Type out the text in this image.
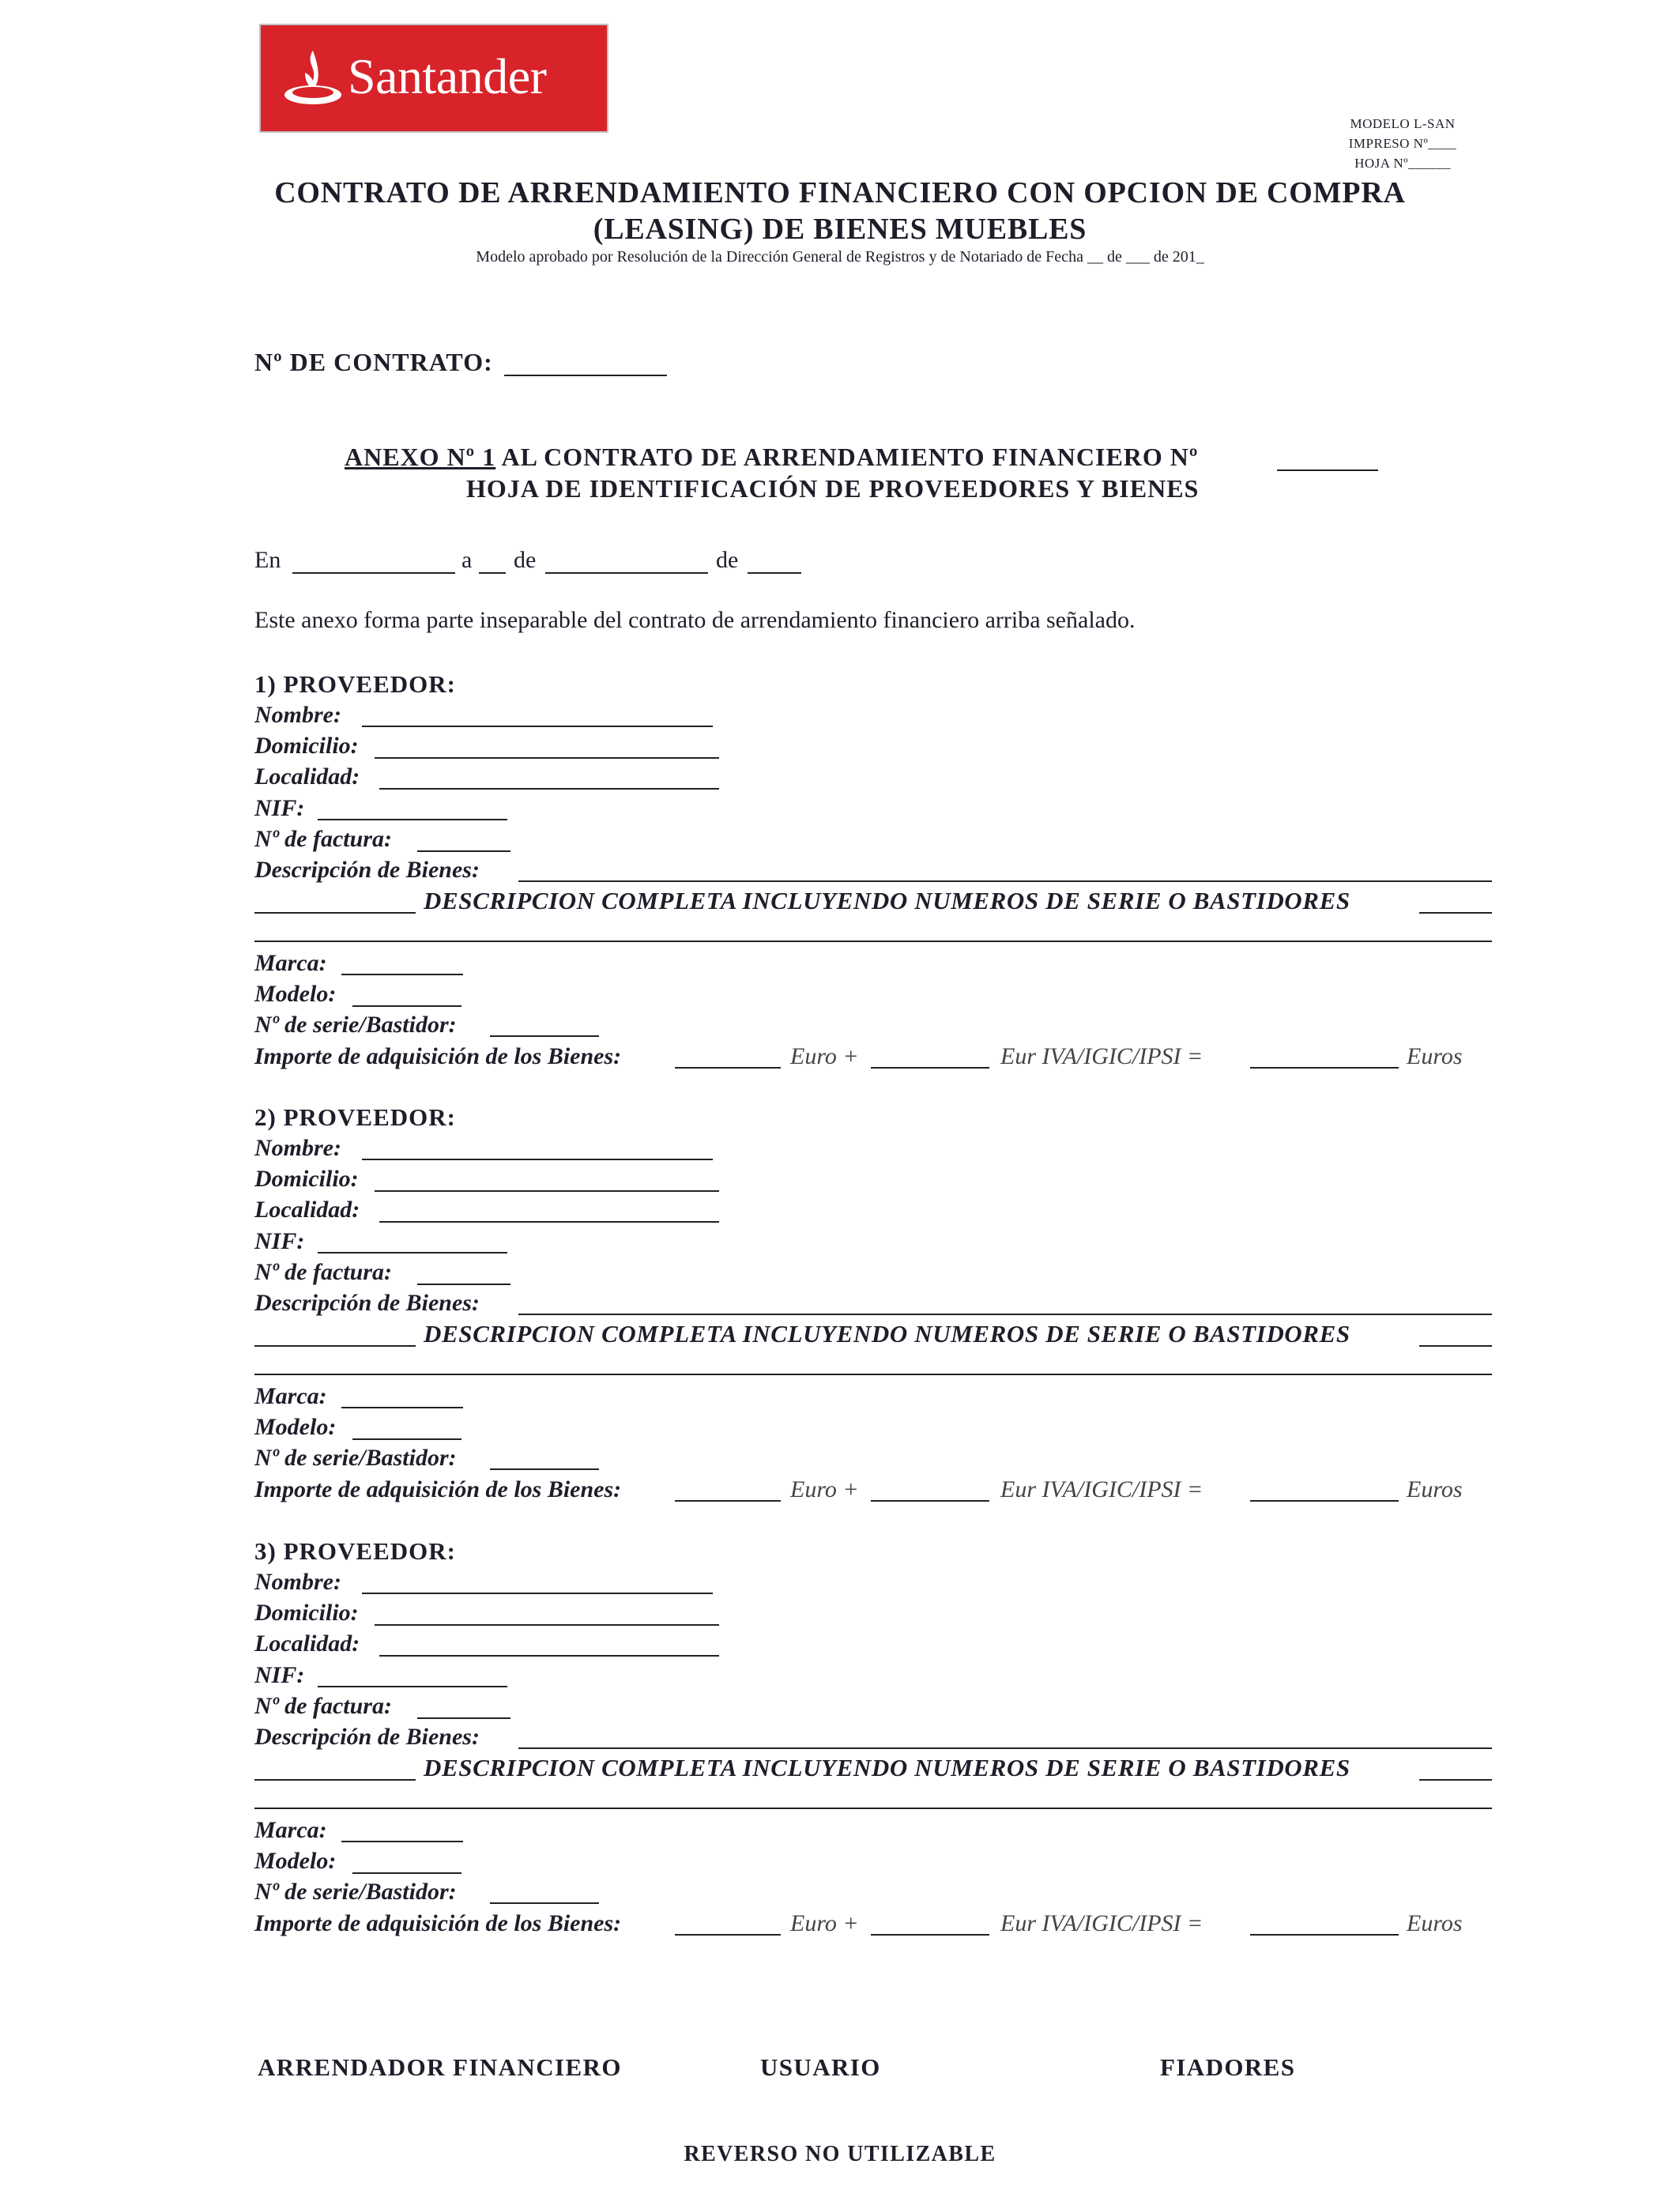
Santander
MODELO L-SAN
IMPRESO Nº____
HOJA Nº______
CONTRATO DE ARRENDAMIENTO FINANCIERO CON OPCION DE COMPRA
(LEASING) DE BIENES MUEBLES
Modelo aprobado por Resolución de la Dirección General de Registros y de Notariado de Fecha __ de ___ de 201_
Nº DE CONTRATO:
ANEXO Nº 1 AL CONTRATO DE ARRENDAMIENTO FINANCIERO Nº
HOJA DE IDENTIFICACIÓN DE PROVEEDORES Y BIENES
En	a de	de
Este anexo forma parte inseparable del contrato de arrendamiento financiero arriba señalado.
1) PROVEEDOR:
Nombre:
Domicilio:
Localidad:
NIF:
Nº de factura:
Descripción de Bienes:
DESCRIPCION COMPLETA INCLUYENDO NUMEROS DE SERIE O BASTIDORES
Marca:
Modelo:
Nº de serie/Bastidor:
Importe de adquisición de los Bienes:	Euro +	Eur IVA/IGIC/IPSI =	Euros
2) PROVEEDOR:
Nombre:
Domicilio:
Localidad:
NIF:
Nº de factura:
Descripción de Bienes:
DESCRIPCION COMPLETA INCLUYENDO NUMEROS DE SERIE O BASTIDORES
Marca:
Modelo:
Nº de serie/Bastidor:
Importe de adquisición de los Bienes:	Euro +	Eur IVA/IGIC/IPSI =	Euros
3) PROVEEDOR:
Nombre:
Domicilio:
Localidad:
NIF:
Nº de factura:
Descripción de Bienes:
DESCRIPCION COMPLETA INCLUYENDO NUMEROS DE SERIE O BASTIDORES
Marca:
Modelo:
Nº de serie/Bastidor:
Importe de adquisición de los Bienes:	Euro +	Eur IVA/IGIC/IPSI =	Euros
ARRENDADOR FINANCIERO	USUARIO	FIADORES
REVERSO NO UTILIZABLE
